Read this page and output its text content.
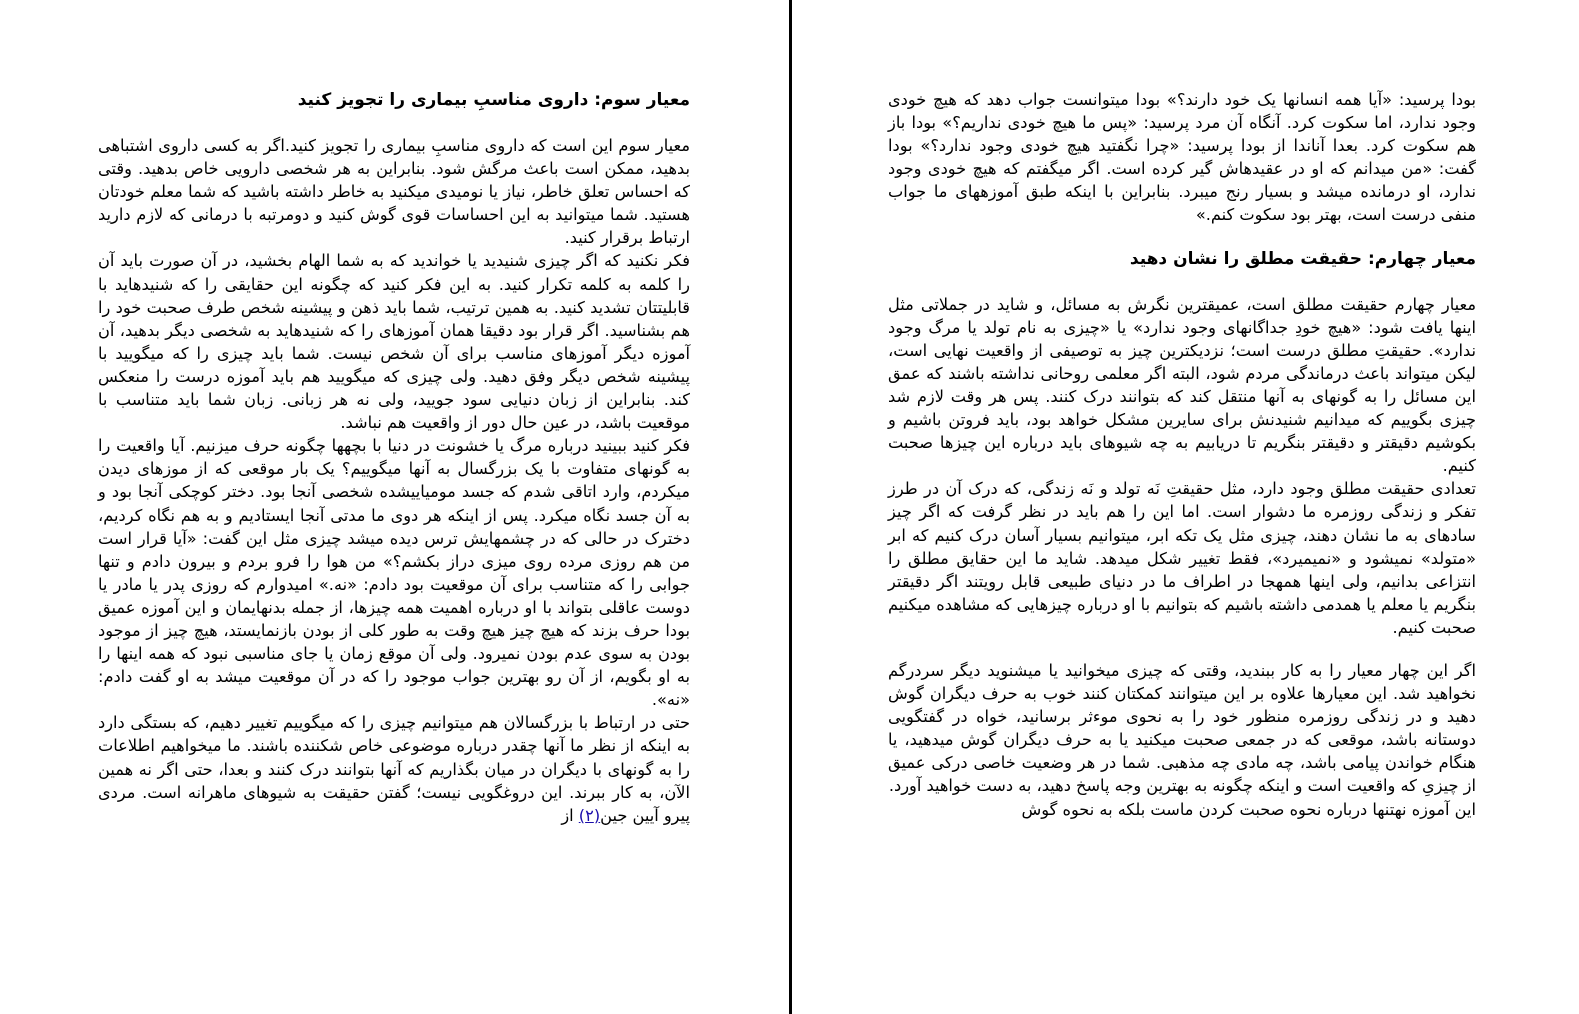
معیار سوم: داروی مناسبِ بیماری را تجویز کنید

معیار سوم این است که داروی مناسبِ بیماری را تجویز کنید.اگر به کسی داروی اشتباهی بدهید، ممکن است باعث مرگش شود. بنابراین به هر شخصی دارویی خاص بدهید. وقتی که احساس تعلق خاطر، نیاز یا نومیدی میکنید به خاطر داشته باشید که شما معلم خودتان هستید. شما میتوانید به این احساسات قوی گوش کنید و دومرتبه با درمانی که لازم دارید ارتباط برقرار کنید.

فکر نکنید که اگر چیزی شنیدید یا خواندید که به شما الهام بخشید، در آن صورت باید آن را کلمه به کلمه تکرار کنید. به این فکر کنید که چگونه این حقایقی را که شنیدهاید با قابلیتتان تشدید کنید. به همین ترتیب، شما باید ذهن و پیشینه شخص طرف صحبت خود را هم بشناسید. اگر قرار بود دقیقا همان آموزهای را که شنیدهاید به شخصی دیگر بدهید، آن آموزه دیگر آموزهای مناسب برای آن شخص نیست. شما باید چیزی را که میگویید با پیشینه شخص دیگر وفق دهید. ولی چیزی که میگویید هم باید آموزه درست را منعکس کند. بنابراین از زبان دنیایی سود جویید، ولی نه هر زبانی. زبان شما باید متناسب با موقعیت باشد، در عین حال دور از واقعیت هم نباشد.

فکر کنید ببینید درباره مرگ یا خشونت در دنیا با بچهها چگونه حرف میزنیم. آیا واقعیت را به گونهای متفاوت با یک بزرگسال به آنها میگوییم؟ یک بار موقعی که از موزهای دیدن میکردم، وارد اتاقی شدم که جسد مومیاییشده شخصی آنجا بود. دختر کوچکی آنجا بود و به آن جسد نگاه میکرد. پس از اینکه هر دوی ما مدتی آنجا ایستادیم و به هم نگاه کردیم، دخترک در حالی که در چشمهایش ترس دیده میشد چیزی مثل این گفت: «آیا قرار است من هم روزی مرده روی میزی دراز بکشم؟» من هوا را فرو بردم و بیرون دادم و تنها جوابی را که متناسب برای آن موقعیت بود دادم: «نه.» امیدوارم که روزی پدر یا مادر یا دوست عاقلی بتواند با او درباره اهمیت همه چیزها، از جمله بدنهایمان و این آموزه عمیق بودا حرف بزند که هیچ چیز هیچ وقت به طور کلی از بودن بازنمایستد، هیچ چیز از موجود بودن به سوی عدم بودن نمیرود. ولی آن موقع زمان یا جای مناسبی نبود که همه اینها را به او بگویم، از آن رو بهترین جواب موجود را که در آن موقعیت میشد به او گفت دادم: «نه».

حتی در ارتباط با بزرگسالان هم میتوانیم چیزی را که میگوییم تغییر دهیم، که بستگی دارد به اینکه از نظر ما آنها چقدر درباره موضوعی خاص شکننده باشند. ما میخواهیم اطلاعات را به گونهای با دیگران در میان بگذاریم که آنها بتوانند درک کنند و بعدا، حتی اگر نه همین الآن، به کار ببرند. این دروغگویی نیست؛ گفتن حقیقت به شیوهای ماهرانه است. مردی پیرو آیین جین(۲) از

بودا پرسید: «آیا همه انسانها یک خود دارند؟» بودا میتوانست جواب دهد که هیچ خودی وجود ندارد، اما سکوت کرد. آنگاه آن مرد پرسید: «پس ما هیچ خودی نداریم؟» بودا باز هم سکوت کرد. بعدا آناندا از بودا پرسید: «چرا نگفتید هیچ خودی وجود ندارد؟» بودا گفت: «من میدانم که او در عقیدهاش گیر کرده است. اگر میگفتم که هیچ خودی وجود ندارد، او درمانده میشد و بسیار رنج میبرد. بنابراین با اینکه طبق آموزههای ما جواب منفی درست است، بهتر بود سکوت کنم.»

معیار چهارم: حقیقت مطلق را نشان دهید

معیار چهارم حقیقت مطلق است، عمیقترین نگرش به مسائل، و شاید در جملاتی مثل اینها یافت شود: «هیچ خودِ جداگانهای وجود ندارد» یا «چیزی به نام تولد یا مرگ وجود ندارد». حقیقتِ مطلق درست است؛ نزدیکترین چیز به توصیفی از واقعیت نهایی است، لیکن میتواند باعث درماندگی مردم شود، البته اگر معلمی روحانی نداشته باشند که عمق این مسائل را به گونهای به آنها منتقل کند که بتوانند درک کنند. پس هر وقت لازم شد چیزی بگوییم که میدانیم شنیدنش برای سایرین مشکل خواهد بود، باید فروتن باشیم و بکوشیم دقیقتر و دقیقتر بنگریم تا دریابیم به چه شیوهای باید درباره این چیزها صحبت کنیم.

تعدادی حقیقت مطلق وجود دارد، مثل حقیقتِ نَه تولد و نَه زندگی، که درک آن در طرز تفکر و زندگی روزمره ما دشوار است. اما این را هم باید در نظر گرفت که اگر چیز سادهای به ما نشان دهند، چیزی مثل یک تکه ابر، میتوانیم بسیار آسان درک کنیم که ابر «متولد» نمیشود و «نمیمیرد»، فقط تغییر شکل میدهد. شاید ما این حقایق مطلق را انتزاعی بدانیم، ولی اینها همهجا در اطراف ما در دنیای طبیعی قابل رویتند اگر دقیقتر بنگریم یا معلم یا همدمی داشته باشیم که بتوانیم با او درباره چیزهایی که مشاهده میکنیم صحبت کنیم.

اگر این چهار معیار را به کار ببندید، وقتی که چیزی میخوانید یا میشنوید دیگر سردرگم نخواهید شد. این معیارها علاوه بر این میتوانند کمکتان کنند خوب به حرف دیگران گوش دهید و در زندگی روزمره منظور خود را به نحوی موءثر برسانید، خواه در گفتگویی دوستانه باشد، موقعی که در جمعی صحبت میکنید یا به حرف دیگران گوش میدهید، یا هنگام خواندن پیامی باشد، چه مادی چه مذهبی. شما در هر وضعیت خاصی درکی عمیق از چیزیِ که واقعیت است و اینکه چگونه به بهترین وجه پاسخ دهید، به دست خواهید آورد.

این آموزه نهتنها درباره نحوه صحبت کردن ماست بلکه به نحوه گوش
